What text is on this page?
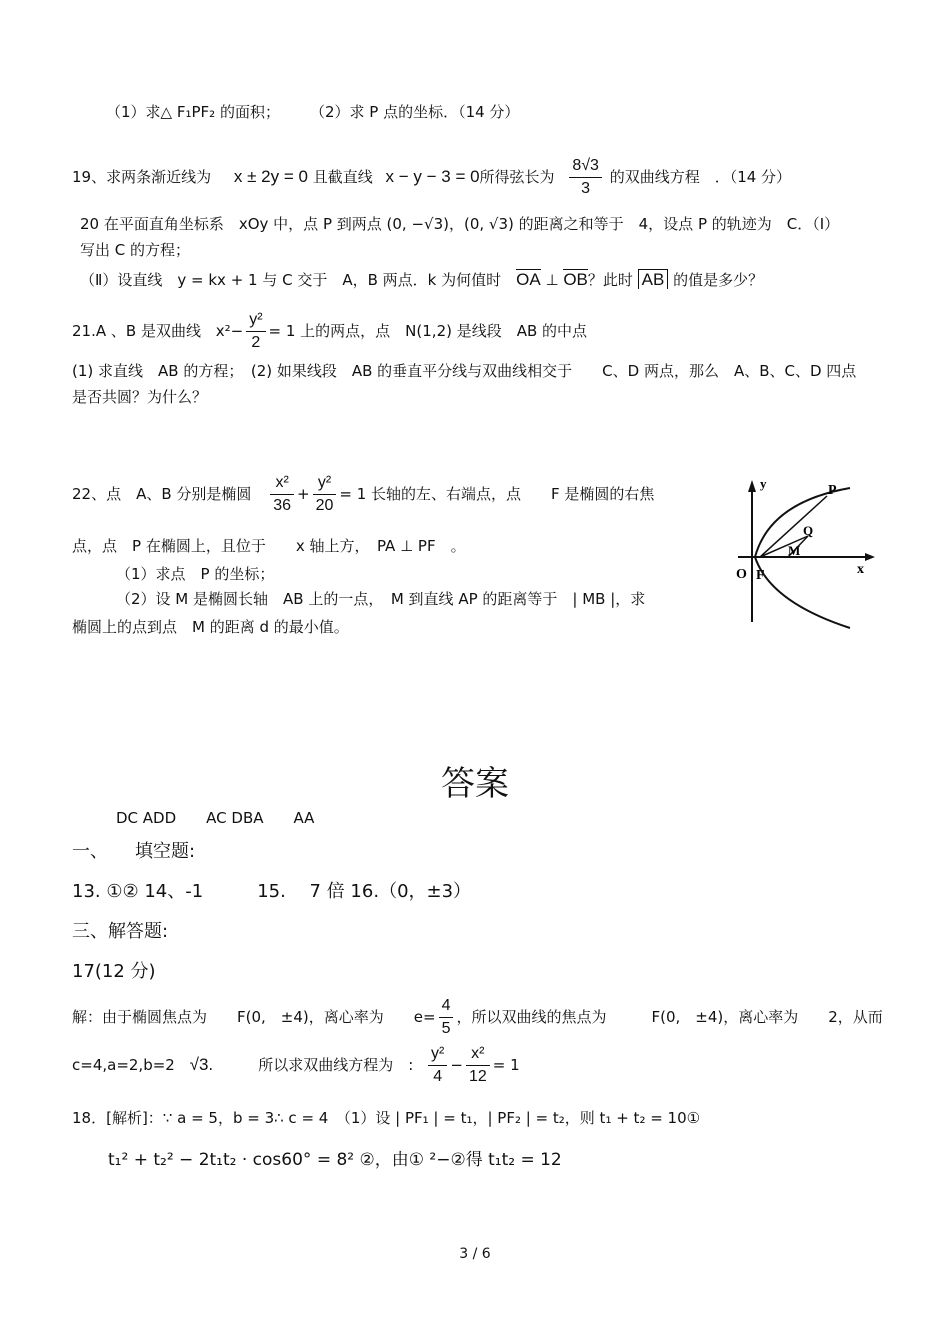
（1）求△ F₁PF₂ 的面积；　　　（2）求 P 点的坐标．（14 分）
19、求两条渐近线为 x ± 2y = 0 且截直线 x − y − 3 = 0所得弦长为 $\frac{8√3}{3}$ 的双曲线方程　．（14 分）
20 在平面直角坐标系　xOy 中，点 P 到两点 (0, −√3)，(0, √3) 的距离之和等于　4，设点 P 的轨迹为　C．（Ⅰ）
写出 C 的方程；
（Ⅱ）设直线　y = kx + 1 与 C 交于　A，B 两点．k 为何值时　OA ⊥ OB？此时 AB 的值是多少？
21.A 、B 是双曲线 $x^2- \frac{\text{y²}}{2} = 1$ 上的两点，点　N(1,2) 是线段　AB 的中点
(1) 求直线　AB 的方程；　(2) 如果线段　AB 的垂直平分线与双曲线相交于　　C、D 两点，那么　A、B、C、D 四点
是否共圆？为什么？
22、点　A、B 分别是椭圆 $\frac{\text{x²}}{36} + \frac{\text{y²}}{20} = 1$ 长轴的左、右端点，点　　F 是椭圆的右焦
点，点　P 在椭圆上，且位于　　x 轴上方，　PA ⊥ PF　。
（1）求点　P 的坐标；
（2）设 M 是椭圆长轴　AB 上的一点，　M 到直线 AP 的距离等于　| MB |，求
椭圆上的点到点　M 的距离 d 的最小值。
y	P
Q
M
O F	x
答案
DC ADD　　AC DBA　　AA
一、　　填空题:
13. ①② 14、-1　　　15.　 7 倍 16.（0，±3）
三、解答题:
17(12 分)
解：由于椭圆焦点为　　F(0,　±4)，离心率为　　$e= \frac{4}{5}$ ，所以双曲线的焦点为　　　F(0,　±4)，离心率为　　2，从而
c=4,a=2,b=2 √3.　　　所以求双曲线方程为　: $\frac{\text{y²}}{4} - \frac{\text{x²}}{12} = 1$
18．[解析]：∵ a = 5，b = 3∴ c = 4　（1）设 | PF₁ | = t₁，| PF₂ | = t₂，则 t₁ + t₂ = 10①
t₁² + t₂² − 2t₁t₂ · cos60° = 8² ②，由① ²−②得 t₁t₂ = 12
3 / 6
